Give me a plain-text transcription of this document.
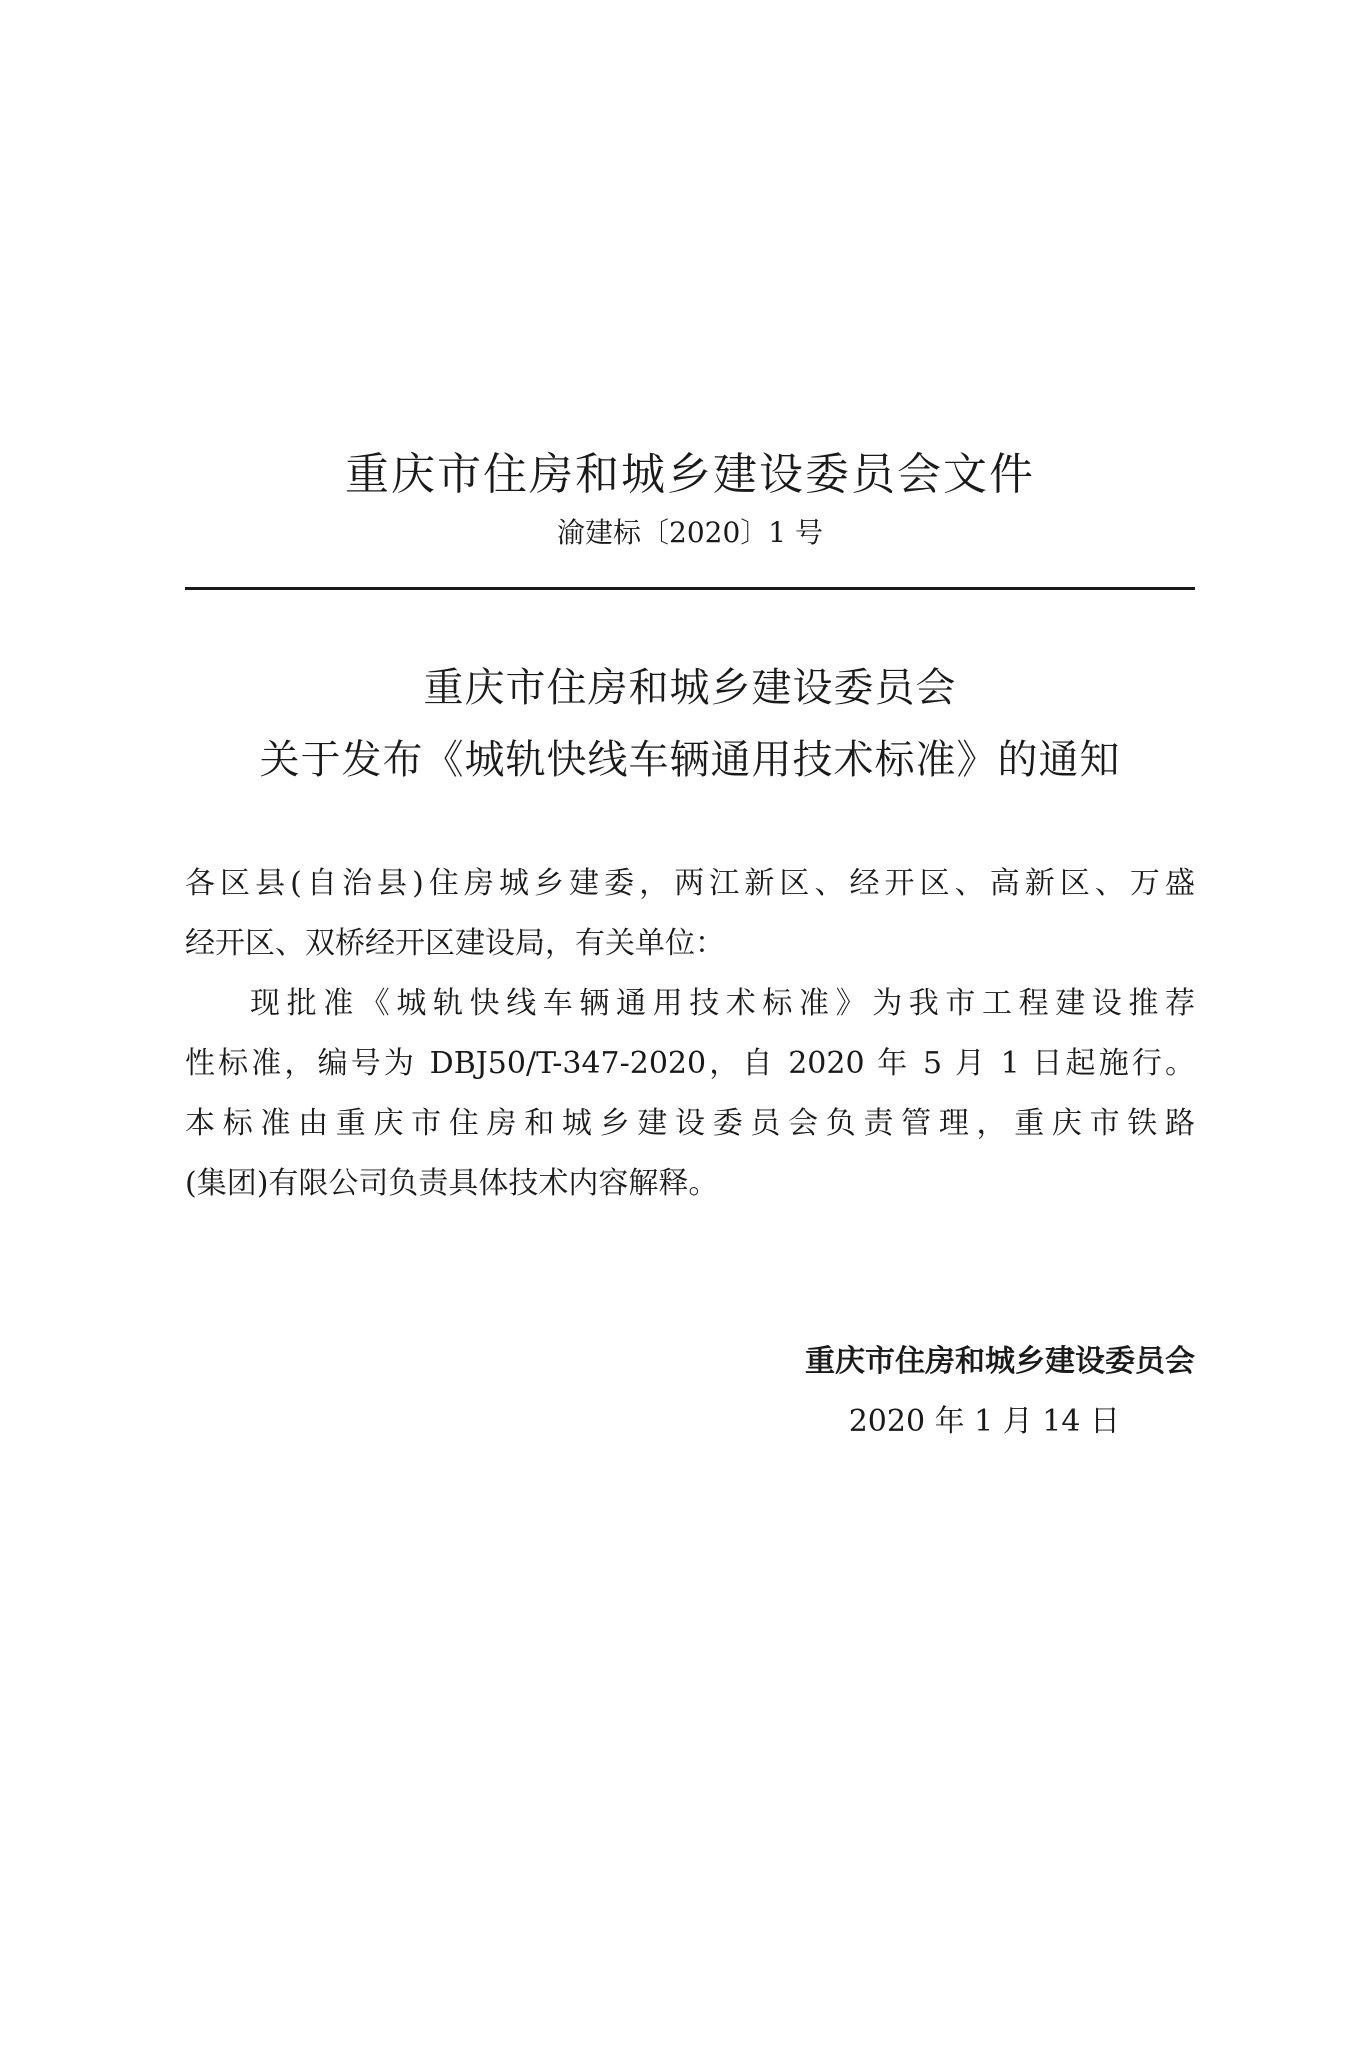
重庆市住房和城乡建设委员会文件
渝建标〔2020〕1 号
重庆市住房和城乡建设委员会
关于发布《城轨快线车辆通用技术标准》的通知
各区县(自治县)住房城乡建委，两江新区、经开区、高新区、万盛
经开区、双桥经开区建设局，有关单位：
现批准《城轨快线车辆通用技术标准》为我市工程建设推荐
性标准，编号为 DBJ50/T-347-2020，自 2020 年 5 月 1 日起施行。
本标准由重庆市住房和城乡建设委员会负责管理，重庆市铁路
(集团)有限公司负责具体技术内容解释。
重庆市住房和城乡建设委员会
2020 年 1 月 14 日
